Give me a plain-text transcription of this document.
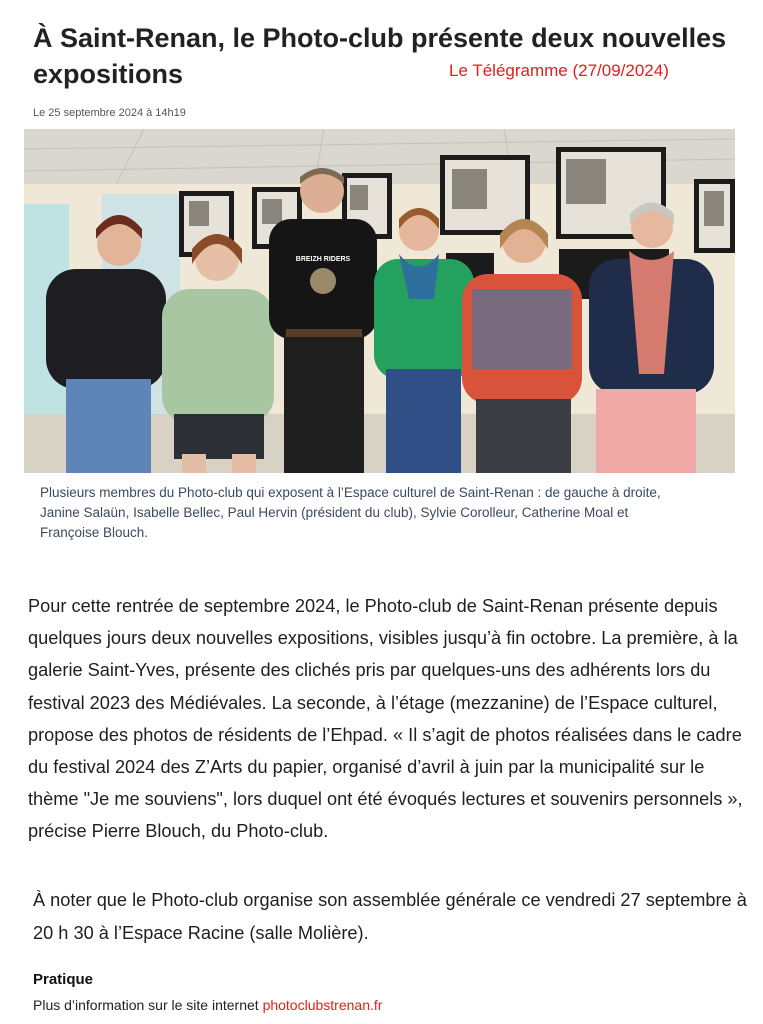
À Saint-Renan, le Photo-club présente deux nouvelles expositions	Le Télégramme (27/09/2024)
Le 25 septembre 2024 à 14h19
BREIZH RIDERS
Plusieurs membres du Photo-club qui exposent à l’Espace culturel de Saint-Renan : de gauche à droite, Janine Salaün, Isabelle Bellec, Paul Hervin (président du club), Sylvie Corolleur, Catherine Moal et Françoise Blouch.

Pour cette rentrée de septembre 2024, le Photo-club de Saint-Renan présente depuis quelques jours deux nouvelles expositions, visibles jusqu’à fin octobre. La première, à la galerie Saint-Yves, présente des clichés pris par quelques-uns des adhérents lors du festival 2023 des Médiévales. La seconde, à l’étage (mezzanine) de l’Espace culturel, propose des photos de résidents de l’Ehpad. « Il s’agit de photos réalisées dans le cadre du festival 2024 des Z’Arts du papier, organisé d’avril à juin par la municipalité sur le thème "Je me souviens", lors duquel ont été évoqués lectures et souvenirs personnels », précise Pierre Blouch, du Photo-club.

À noter que le Photo-club organise son assemblée générale ce vendredi 27 septembre à 20 h 30 à l’Espace Racine (salle Molière).

Pratique
Plus d’information sur le site internet photoclubstrenan.fr
